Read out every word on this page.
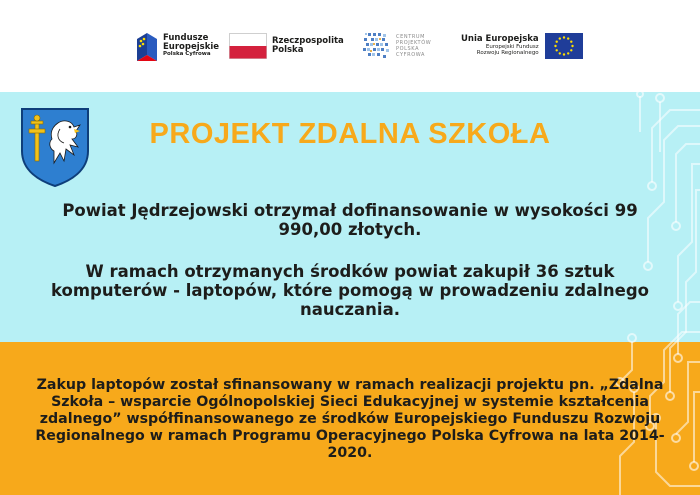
Fundusze
Europejskie
Polska Cyfrowa
Rzeczpospolita
Polska
CENTRUM
PROJEKTÓW
POLSKA
CYFROWA
Unia Europejska
Europejski Fundusz
Rozwoju Regionalnego
PROJEKT ZDALNA SZKOŁA

Powiat Jędrzejowski otrzymał dofinansowanie w wysokości 99 990,00 złotych.

W ramach otrzymanych środków powiat zakupił 36 sztuk komputerów - laptopów, które pomogą w prowadzeniu zdalnego nauczania.

Zakup laptopów został sfinansowany w ramach realizacji projektu pn. „Zdalna Szkoła – wsparcie Ogólnopolskiej Sieci Edukacyjnej w systemie kształcenia zdalnego” współfinansowanego ze środków Europejskiego Funduszu Rozwoju Regionalnego w ramach Programu Operacyjnego Polska Cyfrowa na lata 2014-2020.
